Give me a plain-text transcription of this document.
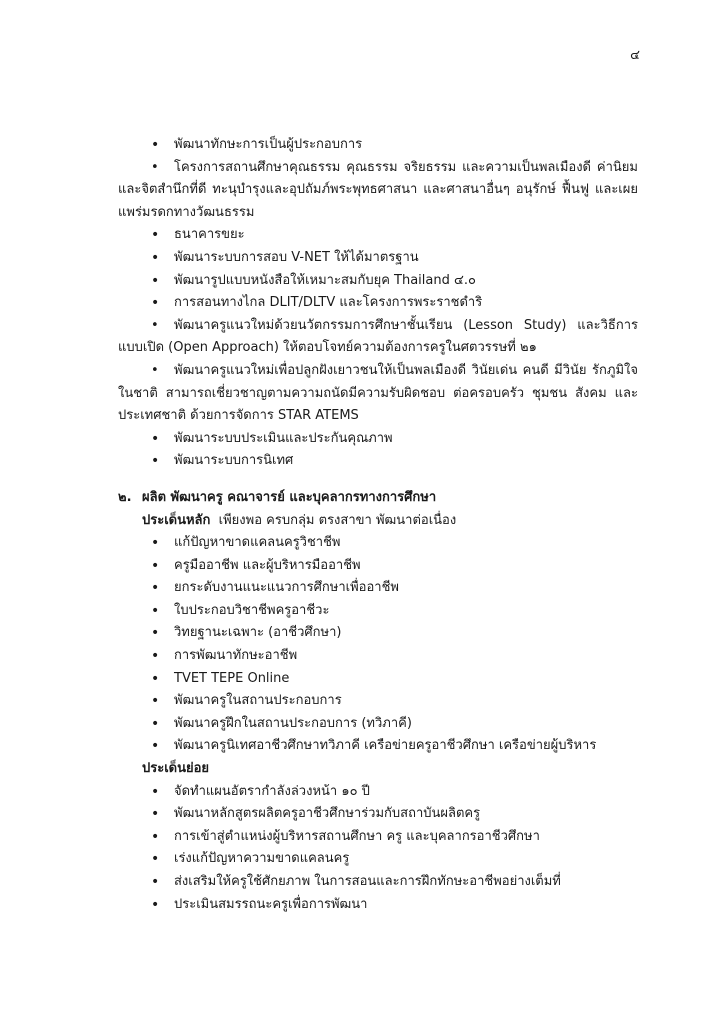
๔
• พัฒนาทักษะการเป็นผู้ประกอบการ
• โครงการสถานศึกษาคุณธรรม คุณธรรม จริยธรรม และความเป็นพลเมืองดี ค่านิยมและจิตสำนึกที่ดี ทะนุบำรุงและอุปถัมภ์พระพุทธศาสนา และศาสนาอื่นๆ อนุรักษ์ ฟื้นฟู และเผยแพร่มรดกทางวัฒนธรรม
• ธนาคารขยะ
• พัฒนาระบบการสอบ V-NET ให้ได้มาตรฐาน
• พัฒนารูปแบบหนังสือให้เหมาะสมกับยุค Thailand ๔.๐
• การสอนทางไกล DLIT/DLTV และโครงการพระราชดำริ
• พัฒนาครูแนวใหม่ด้วยนวัตกรรมการศึกษาชั้นเรียน (Lesson Study) และวิธีการแบบเปิด (Open Approach) ให้ตอบโจทย์ความต้องการครูในศตวรรษที่ ๒๑
• พัฒนาครูแนวใหม่เพื่อปลูกฝังเยาวชนให้เป็นพลเมืองดี วินัยเด่น คนดี มีวินัย รักภูมิใจในชาติ สามารถเชี่ยวชาญตามความถนัดมีความรับผิดชอบ ต่อครอบครัว ชุมชน สังคม และประเทศชาติ ด้วยการจัดการ STAR ATEMS
• พัฒนาระบบประเมินและประกันคุณภาพ
• พัฒนาระบบการนิเทศ
๒. ผลิต พัฒนาครู คณาจารย์ และบุคลากรทางการศึกษา
ประเด็นหลัก เพียงพอ ครบกลุ่ม ตรงสาขา พัฒนาต่อเนื่อง
• แก้ปัญหาขาดแคลนครูวิชาชีพ
• ครูมืออาชีพ และผู้บริหารมืออาชีพ
• ยกระดับงานแนะแนวการศึกษาเพื่ออาชีพ
• ใบประกอบวิชาชีพครูอาชีวะ
• วิทยฐานะเฉพาะ (อาชีวศึกษา)
• การพัฒนาทักษะอาชีพ
• TVET TEPE Online
• พัฒนาครูในสถานประกอบการ
• พัฒนาครูฝึกในสถานประกอบการ (ทวิภาคี)
• พัฒนาครูนิเทศอาชีวศึกษาทวิภาคี เครือข่ายครูอาชีวศึกษา เครือข่ายผู้บริหาร
ประเด็นย่อย
• จัดทำแผนอัตรากำลังล่วงหน้า ๑๐ ปี
• พัฒนาหลักสูตรผลิตครูอาชีวศึกษาร่วมกับสถาบันผลิตครู
• การเข้าสู่ตำแหน่งผู้บริหารสถานศึกษา ครู และบุคลากรอาชีวศึกษา
• เร่งแก้ปัญหาความขาดแคลนครู
• ส่งเสริมให้ครูใช้ศักยภาพ ในการสอนและการฝึกทักษะอาชีพอย่างเต็มที่
• ประเมินสมรรถนะครูเพื่อการพัฒนา
